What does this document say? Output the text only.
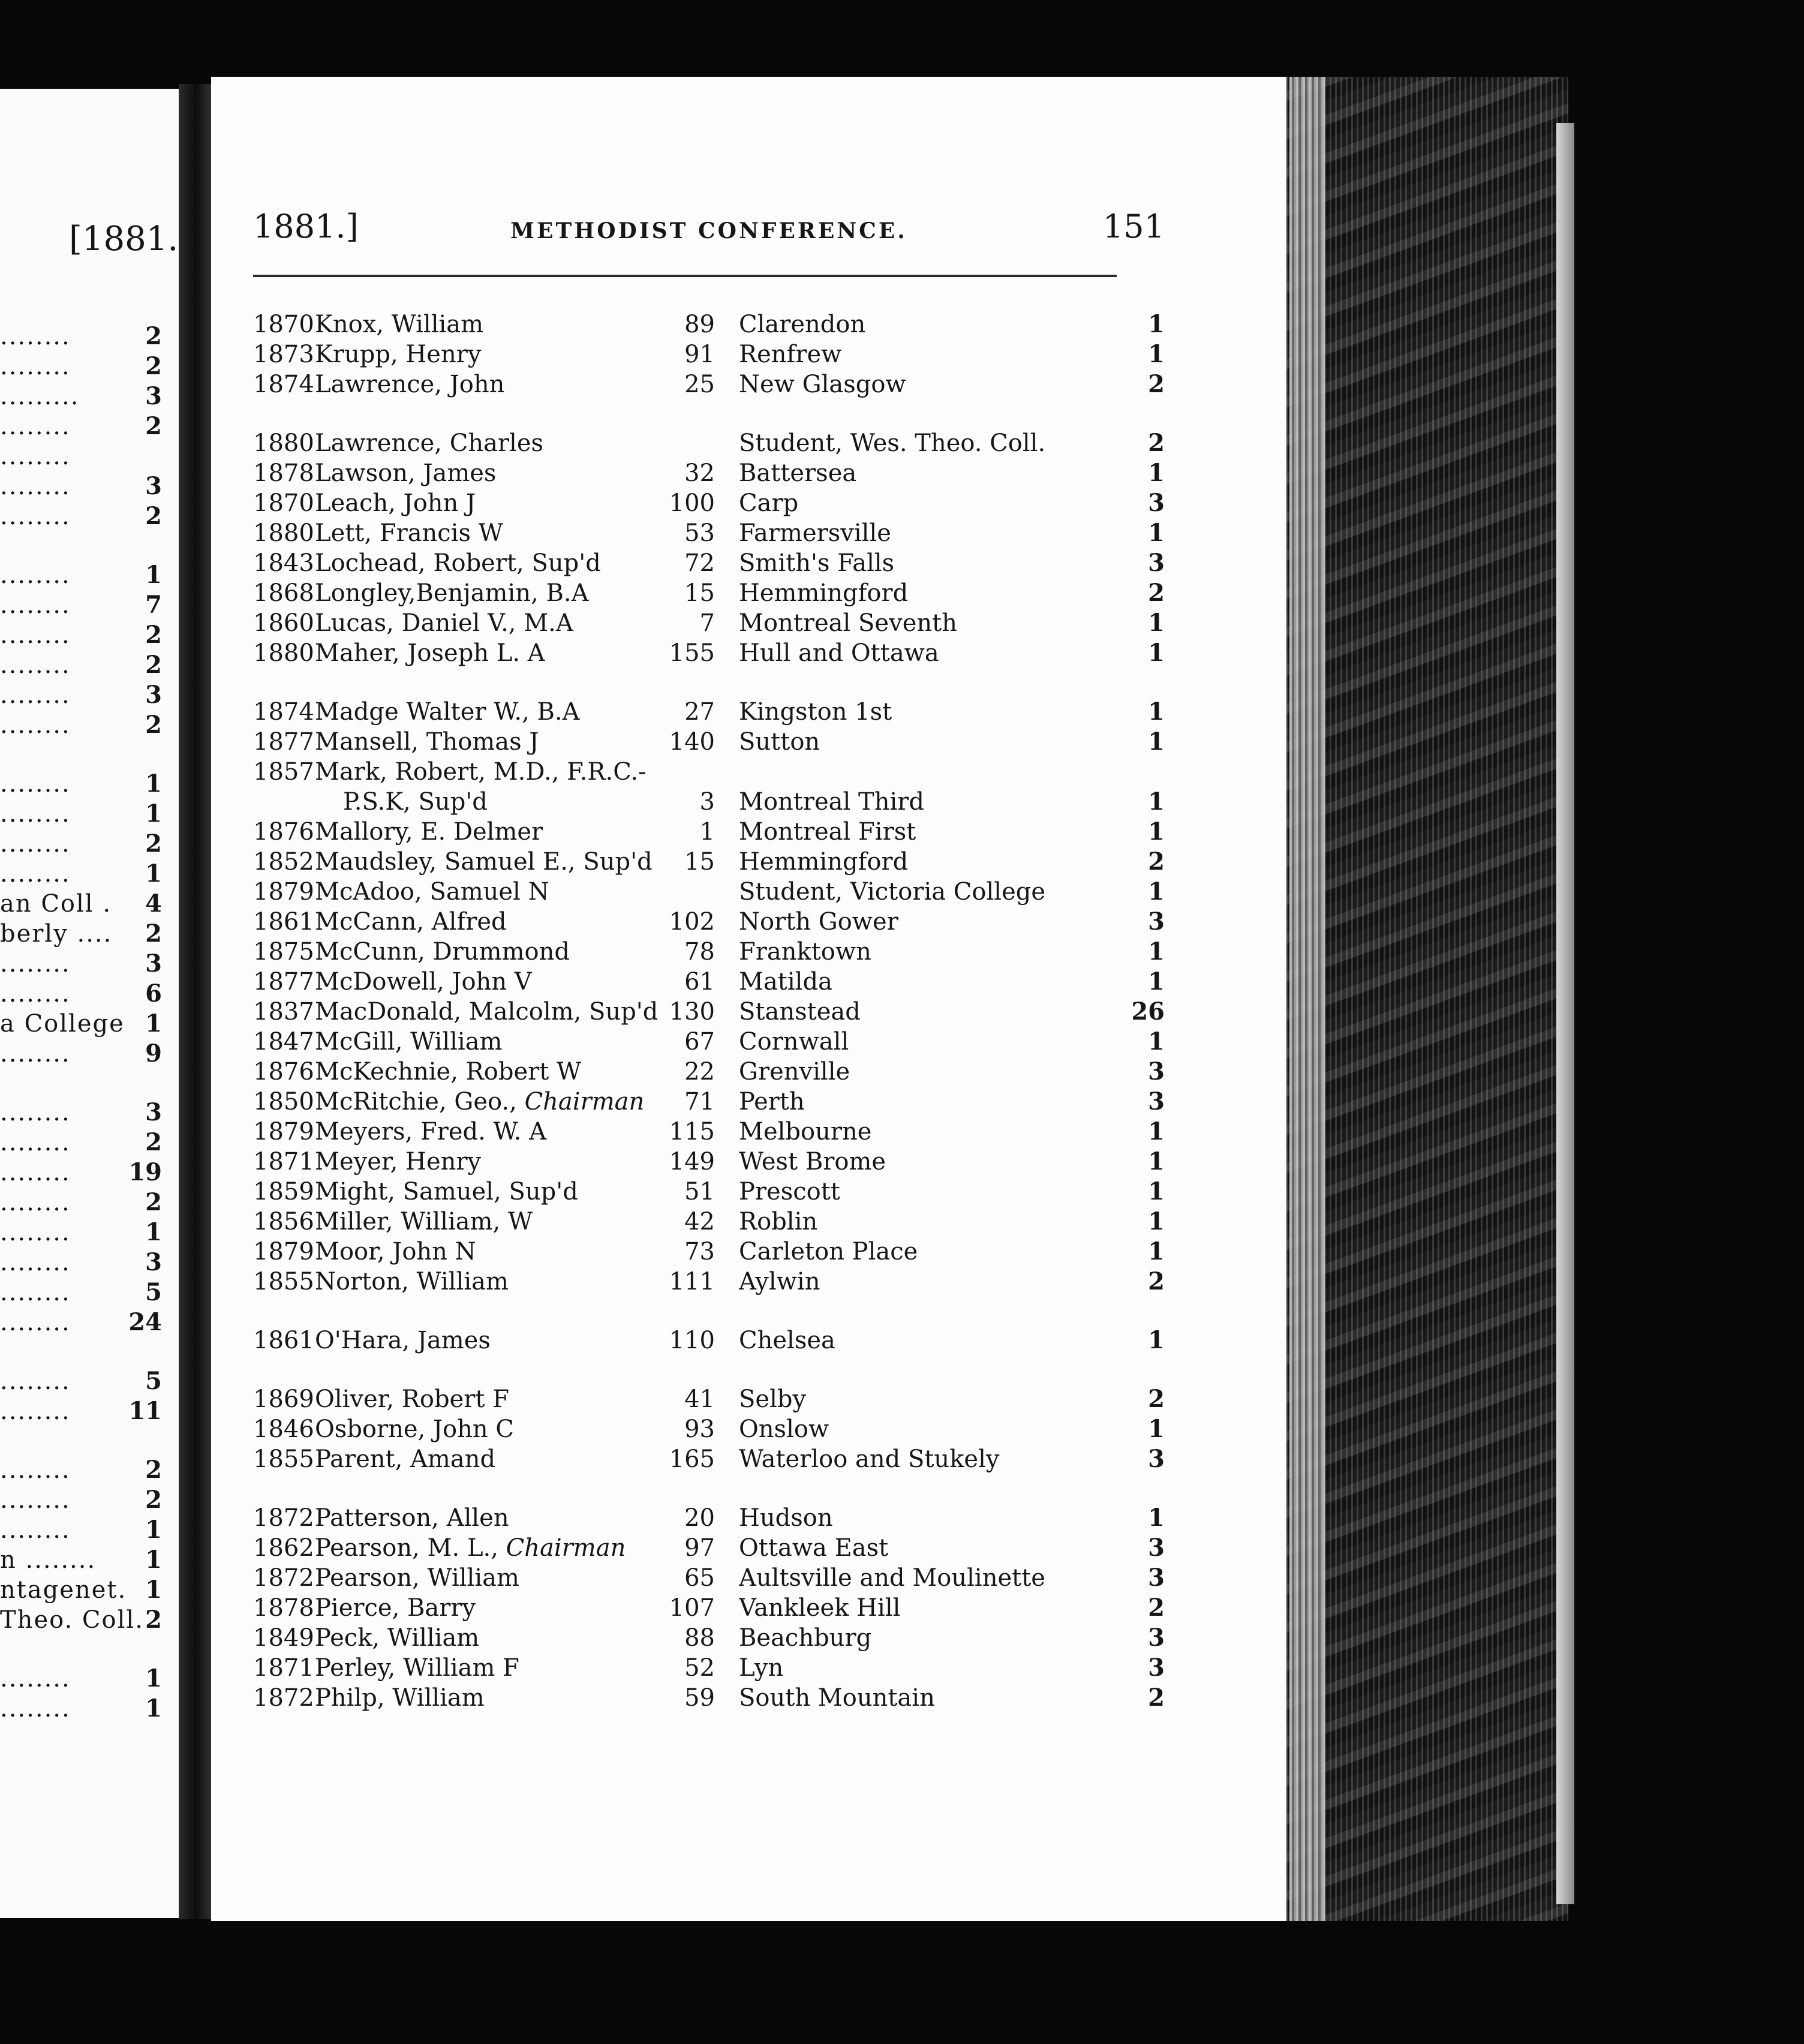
[1881.
........	2
........	2
.........	3
........	2
........
........	3
........	2
........	1
........	7
........	2
........	2
........	3
........	2
........	1
........	1
........	2
........	1
an Coll . 4
berly .... 2
........	3
........	6
a College 1
........	9
........	3
........	2
........ 19
........	2
........	1
........	3
........	5
........ 24
........	5
........ 11
........	2
........	2
........	1
n ........ 1
ntagenet. 1
Theo. Coll. 2
........	1
........	1
1881.]	METHODIST CONFERENCE.	151
1870 Knox, William	89 Clarendon	1
1873 Krupp, Henry	91 Renfrew	1
1874 Lawrence, John	25 New Glasgow	2
1880 Lawrence, Charles	Student, Wes. Theo. Coll.	2
1878 Lawson, James	32 Battersea	1
1870 Leach, John J	100 Carp	3
1880 Lett, Francis W	53 Farmersville	1
1843 Lochead, Robert, Sup'd	72 Smith's Falls	3
1868 Longley,Benjamin, B.A	15 Hemmingford	2
1860 Lucas, Daniel V., M.A	7 Montreal Seventh	1
1880 Maher, Joseph L. A	155 Hull and Ottawa	1
1874 Madge Walter W., B.A	27 Kingston 1st	1
1877 Mansell, Thomas J	140 Sutton	1
1857 Mark, Robert, M.D., F.R.C.-
P.S.K, Sup'd	3 Montreal Third	1
1876 Mallory, E. Delmer	1 Montreal First	1
1852 Maudsley, Samuel E., Sup'd	15 Hemmingford	2
1879 McAdoo, Samuel N	Student, Victoria College	1
1861 McCann, Alfred	102 North Gower	3
1875 McCunn, Drummond	78 Franktown	1
1877 McDowell, John V	61 Matilda	1
1837 MacDonald, Malcolm, Sup'd 130 Stanstead	26
1847 McGill, William	67 Cornwall	1
1876 McKechnie, Robert W	22 Grenville	3
1850 McRitchie, Geo., Chairman	71 Perth	3
1879 Meyers, Fred. W. A	115 Melbourne	1
1871 Meyer, Henry	149 West Brome	1
1859 Might, Samuel, Sup'd	51 Prescott	1
1856 Miller, William, W	42 Roblin	1
1879 Moor, John N	73 Carleton Place	1
1855 Norton, William	111 Aylwin	2
1861 O'Hara, James	110 Chelsea	1
1869 Oliver, Robert F	41 Selby	2
1846 Osborne, John C	93 Onslow	1
1855 Parent, Amand	165 Waterloo and Stukely	3
1872 Patterson, Allen	20 Hudson	1
1862 Pearson, M. L., Chairman	97 Ottawa East	3
1872 Pearson, William	65 Aultsville and Moulinette	3
1878 Pierce, Barry	107 Vankleek Hill	2
1849 Peck, William	88 Beachburg	3
1871 Perley, William F	52 Lyn	3
1872 Philp, William	59 South Mountain	2
